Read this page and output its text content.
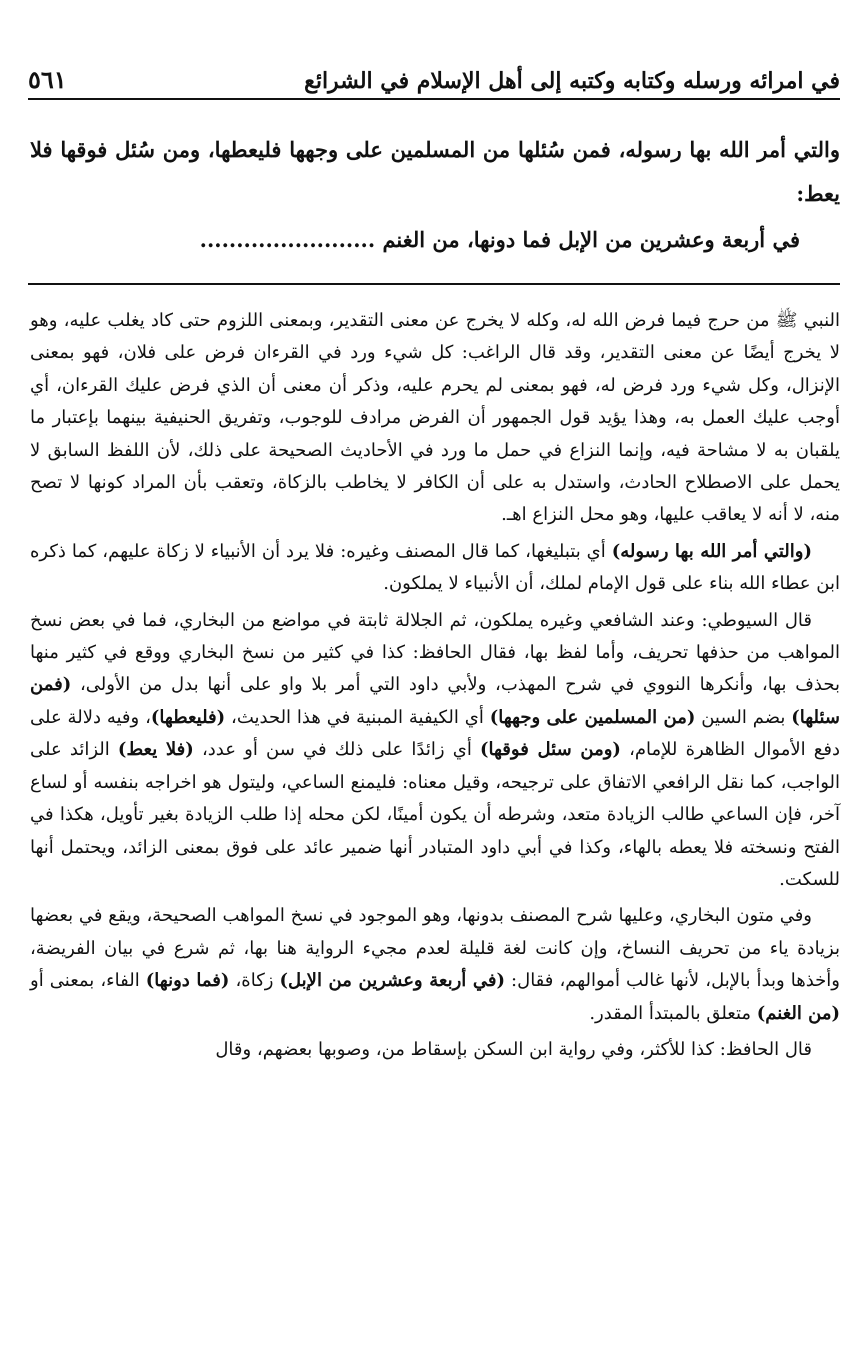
في امرائه ورسله وكتابه وكتبه إلى أهل الإسلام في الشرائع
٥٦١
والتي أمر الله بها رسوله، فمن سُئلها من المسلمين على وجهها فليعطها، ومن سُئل فوقها فلا يعط:
في أربعة وعشرين من الإبل فما دونها، من الغنم ........................

النبي ﷺ من حرج فيما فرض الله له، وكله لا يخرج عن معنى التقدير، وبمعنى اللزوم حتى كاد يغلب عليه، وهو لا يخرج أيضًا عن معنى التقدير، وقد قال الراغب: كل شيء ورد في القرءان فرض على فلان، فهو بمعنى الإنزال، وكل شيء ورد فرض له، فهو بمعنى لم يحرم عليه، وذكر أن معنى أن الذي فرض عليك القرءان، أي أوجب عليك العمل به، وهذا يؤيد قول الجمهور أن الفرض مرادف للوجوب، وتفريق الحنيفية بينهما بإعتبار ما يلقبان به لا مشاحة فيه، وإنما النزاع في حمل ما ورد في الأحاديث الصحيحة على ذلك، لأن اللفظ السابق لا يحمل على الاصطلاح الحادث، واستدل به على أن الكافر لا يخاطب بالزكاة، وتعقب بأن المراد كونها لا تصح منه، لا أنه لا يعاقب عليها، وهو محل النزاع اهـ.

(والتي أمر الله بها رسوله) أي بتبليغها، كما قال المصنف وغيره: فلا يرد أن الأنبياء لا زكاة عليهم، كما ذكره ابن عطاء الله بناء على قول الإمام لملك، أن الأنبياء لا يملكون.

قال السيوطي: وعند الشافعي وغيره يملكون، ثم الجلالة ثابتة في مواضع من البخاري، فما في بعض نسخ المواهب من حذفها تحريف، وأما لفظ بها، فقال الحافظ: كذا في كثير من نسخ البخاري ووقع في كثير منها بحذف بها، وأنكرها النووي في شرح المهذب، ولأبي داود التي أمر بلا واو على أنها بدل من الأولى، (فمن سئلها) بضم السين (من المسلمين على وجهها) أي الكيفية المبنية في هذا الحديث، (فليعطها)، وفيه دلالة على دفع الأموال الظاهرة للإمام، (ومن سئل فوقها) أي زائدًا على ذلك في سن أو عدد، (فلا يعط) الزائد على الواجب، كما نقل الرافعي الاتفاق على ترجيحه، وقيل معناه: فليمنع الساعي، وليتول هو اخراجه بنفسه أو لساع آخر، فإن الساعي طالب الزيادة متعد، وشرطه أن يكون أمينًا، لكن محله إذا طلب الزيادة بغير تأويل، هكذا في الفتح ونسخته فلا يعطه بالهاء، وكذا في أبي داود المتبادر أنها ضمير عائد على فوق بمعنى الزائد، ويحتمل أنها للسكت.

وفي متون البخاري، وعليها شرح المصنف بدونها، وهو الموجود في نسخ المواهب الصحيحة، ويقع في بعضها بزيادة ياء من تحريف النساخ، وإن كانت لغة قليلة لعدم مجيء الرواية هنا بها، ثم شرع في بيان الفريضة، وأخذها وبدأ بالإبل، لأنها غالب أموالهم، فقال: (في أربعة وعشرين من الإبل) زكاة، (فما دونها) الفاء، بمعنى أو (من الغنم) متعلق بالمبتدأ المقدر.

قال الحافظ: كذا للأكثر، وفي رواية ابن السكن بإسقاط من، وصوبها بعضهم، وقال
